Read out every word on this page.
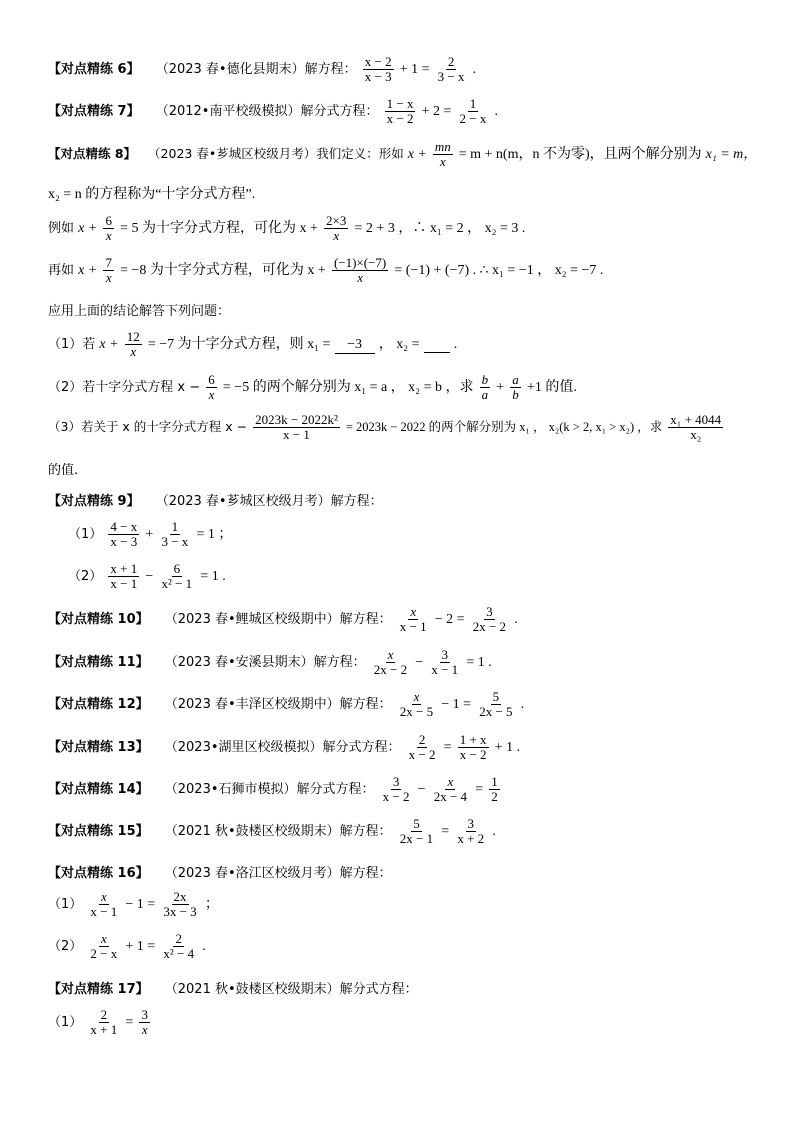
【对点精练 6】 （2023 春•德化县期末）解方程： $\frac{x - 2}{x - 3} + 1 = \frac{2}{3 - x}$ .
【对点精练 7】 （2012•南平校级模拟）解分式方程： $\frac{1 - x}{x - 2} + 2 = \frac{1}{2 - x}$ .
【对点精练 8】 （2023 春•芗城区校级月考）我们定义：形如 $x + \frac{mn}{x} = m + n(m$，n 不为零)，且两个解分别为 x₁ = m，
x₂ = n 的方程称为“十字分式方程”.
例如 $x + \frac{6}{x} = 5$ 为十字分式方程，可化为 $x + \frac{2\times 3}{x} = 2 + 3$ ，∴ x₁ = 2 ， x₂ = 3 .
再如 $x + \frac{7}{x} = -8$ 为十字分式方程，可化为 $x + \frac{(-1)\times(-7)}{x} = (-1) + (-7)$ . ∴ x₁ = −1 ， x₂ = −7 .
应用上面的结论解答下列问题：
（1）若 $x + \frac{12}{x} = -7$ 为十字分式方程，则 x₁ = −3 ， x₂ = .
（2）若十字分式方程 $x - \frac{6}{x} = -5$ 的两个解分别为 x₁ = a ， x₂ = b ，求 $\frac{b}{a} + \frac{a}{b} +1$ 的值.
（3）若关于 x 的十字分式方程 $x - \frac{\text{2023k − 2022k²}}{x - 1} = 2023k - 2022$ 的两个解分别为 x₁ ， x₂(k > 2, x₁ > x₂) ，求 $\frac{\text{x₁ + 4044}}{\text{x₂}}$
的值.
【对点精练 9】 （2023 春•芗城区校级月考）解方程：
$(1) \frac{4 - x}{x - 3} + \frac{1}{3 - x} = 1$ ；
$(2) \frac{x + 1}{x - 1} - \frac{6}{\text{x² − 1}} = 1$ .
【对点精练 10】 （2023 春•鲤城区校级期中）解方程： $\frac{x}{x - 1} - 2 = \frac{3}{2x - 2}$ .
【对点精练 11】 （2023 春•安溪县期末）解方程： $\frac{x}{2x - 2} - \frac{3}{x - 1} = 1$ .
【对点精练 12】 （2023 春•丰泽区校级期中）解方程： $\frac{x}{2x - 5} - 1 = \frac{5}{2x - 5}$ .
【对点精练 13】 （2023•湖里区校级模拟）解分式方程： $\frac{2}{x - 2} = \frac{1 + x}{x - 2} + 1$ .
【对点精练 14】 （2023•石狮市模拟）解分式方程： $\frac{3}{x - 2} - \frac{x}{2x - 4} = \frac{1}{2}$
【对点精练 15】 （2021 秋•鼓楼区校级期末）解方程： $\frac{5}{2x - 1} = \frac{3}{x + 2}$ .
【对点精练 16】 （2023 春•洛江区校级月考）解方程：
$(1) \frac{x}{x - 1} - 1 = \frac{2x}{3x - 3}$ ；
$(2) \frac{x}{2 - x} + 1 = \frac{2}{\text{x² − 4}}$ .
【对点精练 17】 （2021 秋•鼓楼区校级期末）解分式方程：
$(1) \frac{2}{x + 1} = \frac{3}{x}$
